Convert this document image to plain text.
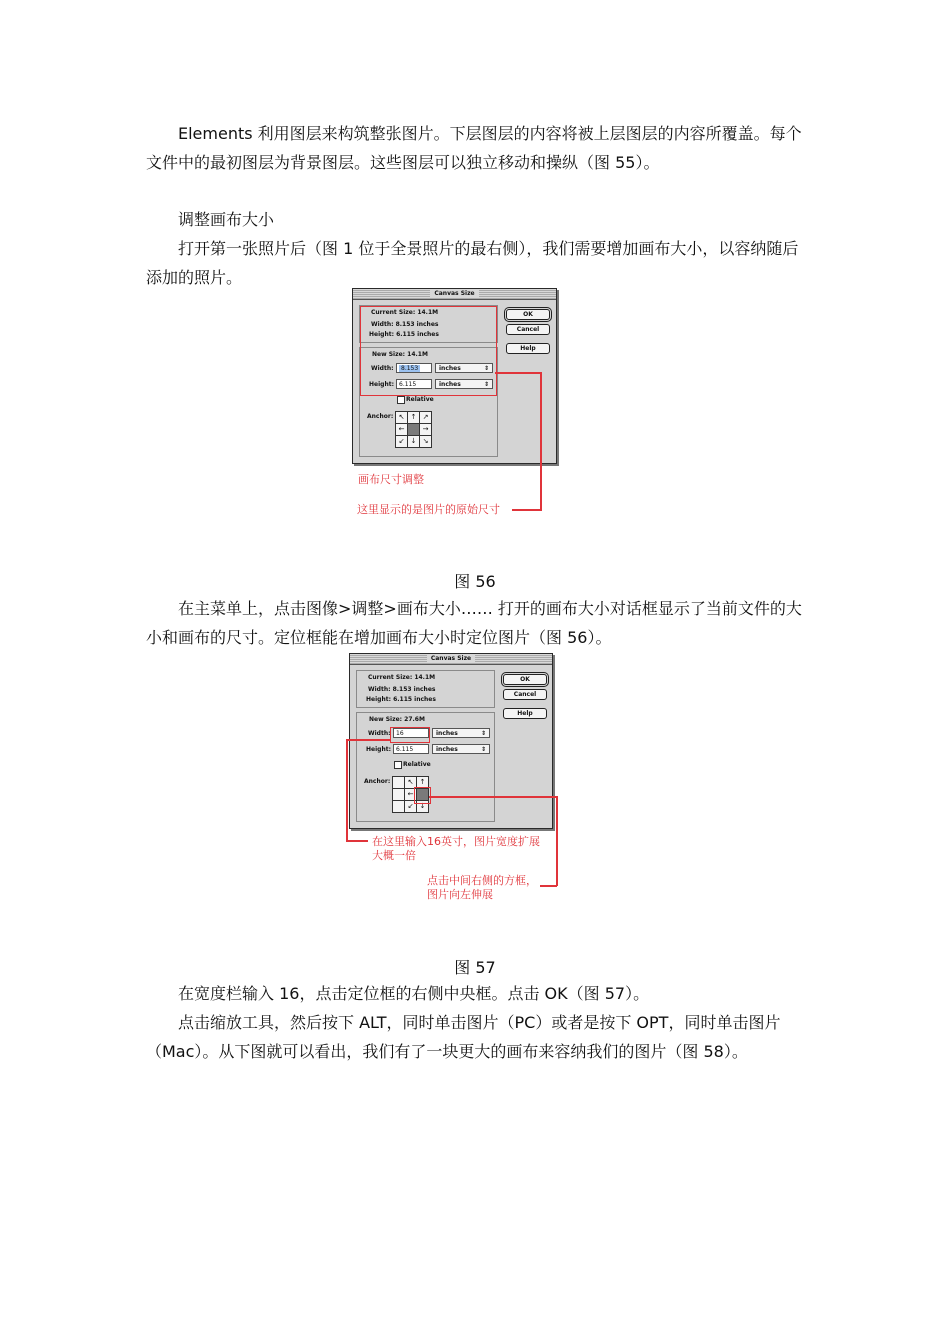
Elements 利用图层来构筑整张图片。下层图层的内容将被上层图层的内容所覆盖。每个文件中的最初图层为背景图层。这些图层可以独立移动和操纵（图 55）。

调整画布大小

打开第一张照片后（图 1 位于全景照片的最右侧），我们需要增加画布大小，以容纳随后添加的照片。

Canvas Size
Current Size: 14.1M
Width: 8.153 inches
Height: 6.115 inches
New Size: 14.1M
Width:	8.153	inches	⇕
Height: 6.115	inches	⇕
Relative
Anchor: ↖ ↑ ↗
←	→
↙ ↓ ↘
OK
Cancel
Help
画布尺寸调整
这里显示的是图片的原始尺寸
图 56

在主菜单上，点击图像>调整>画布大小…… 打开的画布大小对话框显示了当前文件的大小和画布的尺寸。定位框能在增加画布大小时定位图片（图 56）。

Canvas Size
Current Size: 14.1M
Width: 8.153 inches
Height: 6.115 inches
New Size: 27.6M
Width: 16	inches	⇕
Height: 6.115	inches	⇕
Relative
Anchor:	↖ ↑
←
↙ ↓
OK
Cancel
Help
在这里输入16英寸，图片宽度扩展
大概一倍
点击中间右侧的方框，
图片向左伸展
图 57

在宽度栏输入 16，点击定位框的右侧中央框。点击 OK（图 57）。

点击缩放工具，然后按下 ALT，同时单击图片（PC）或者是按下 OPT，同时单击图片（Mac）。从下图就可以看出，我们有了一块更大的画布来容纳我们的图片（图 58）。
